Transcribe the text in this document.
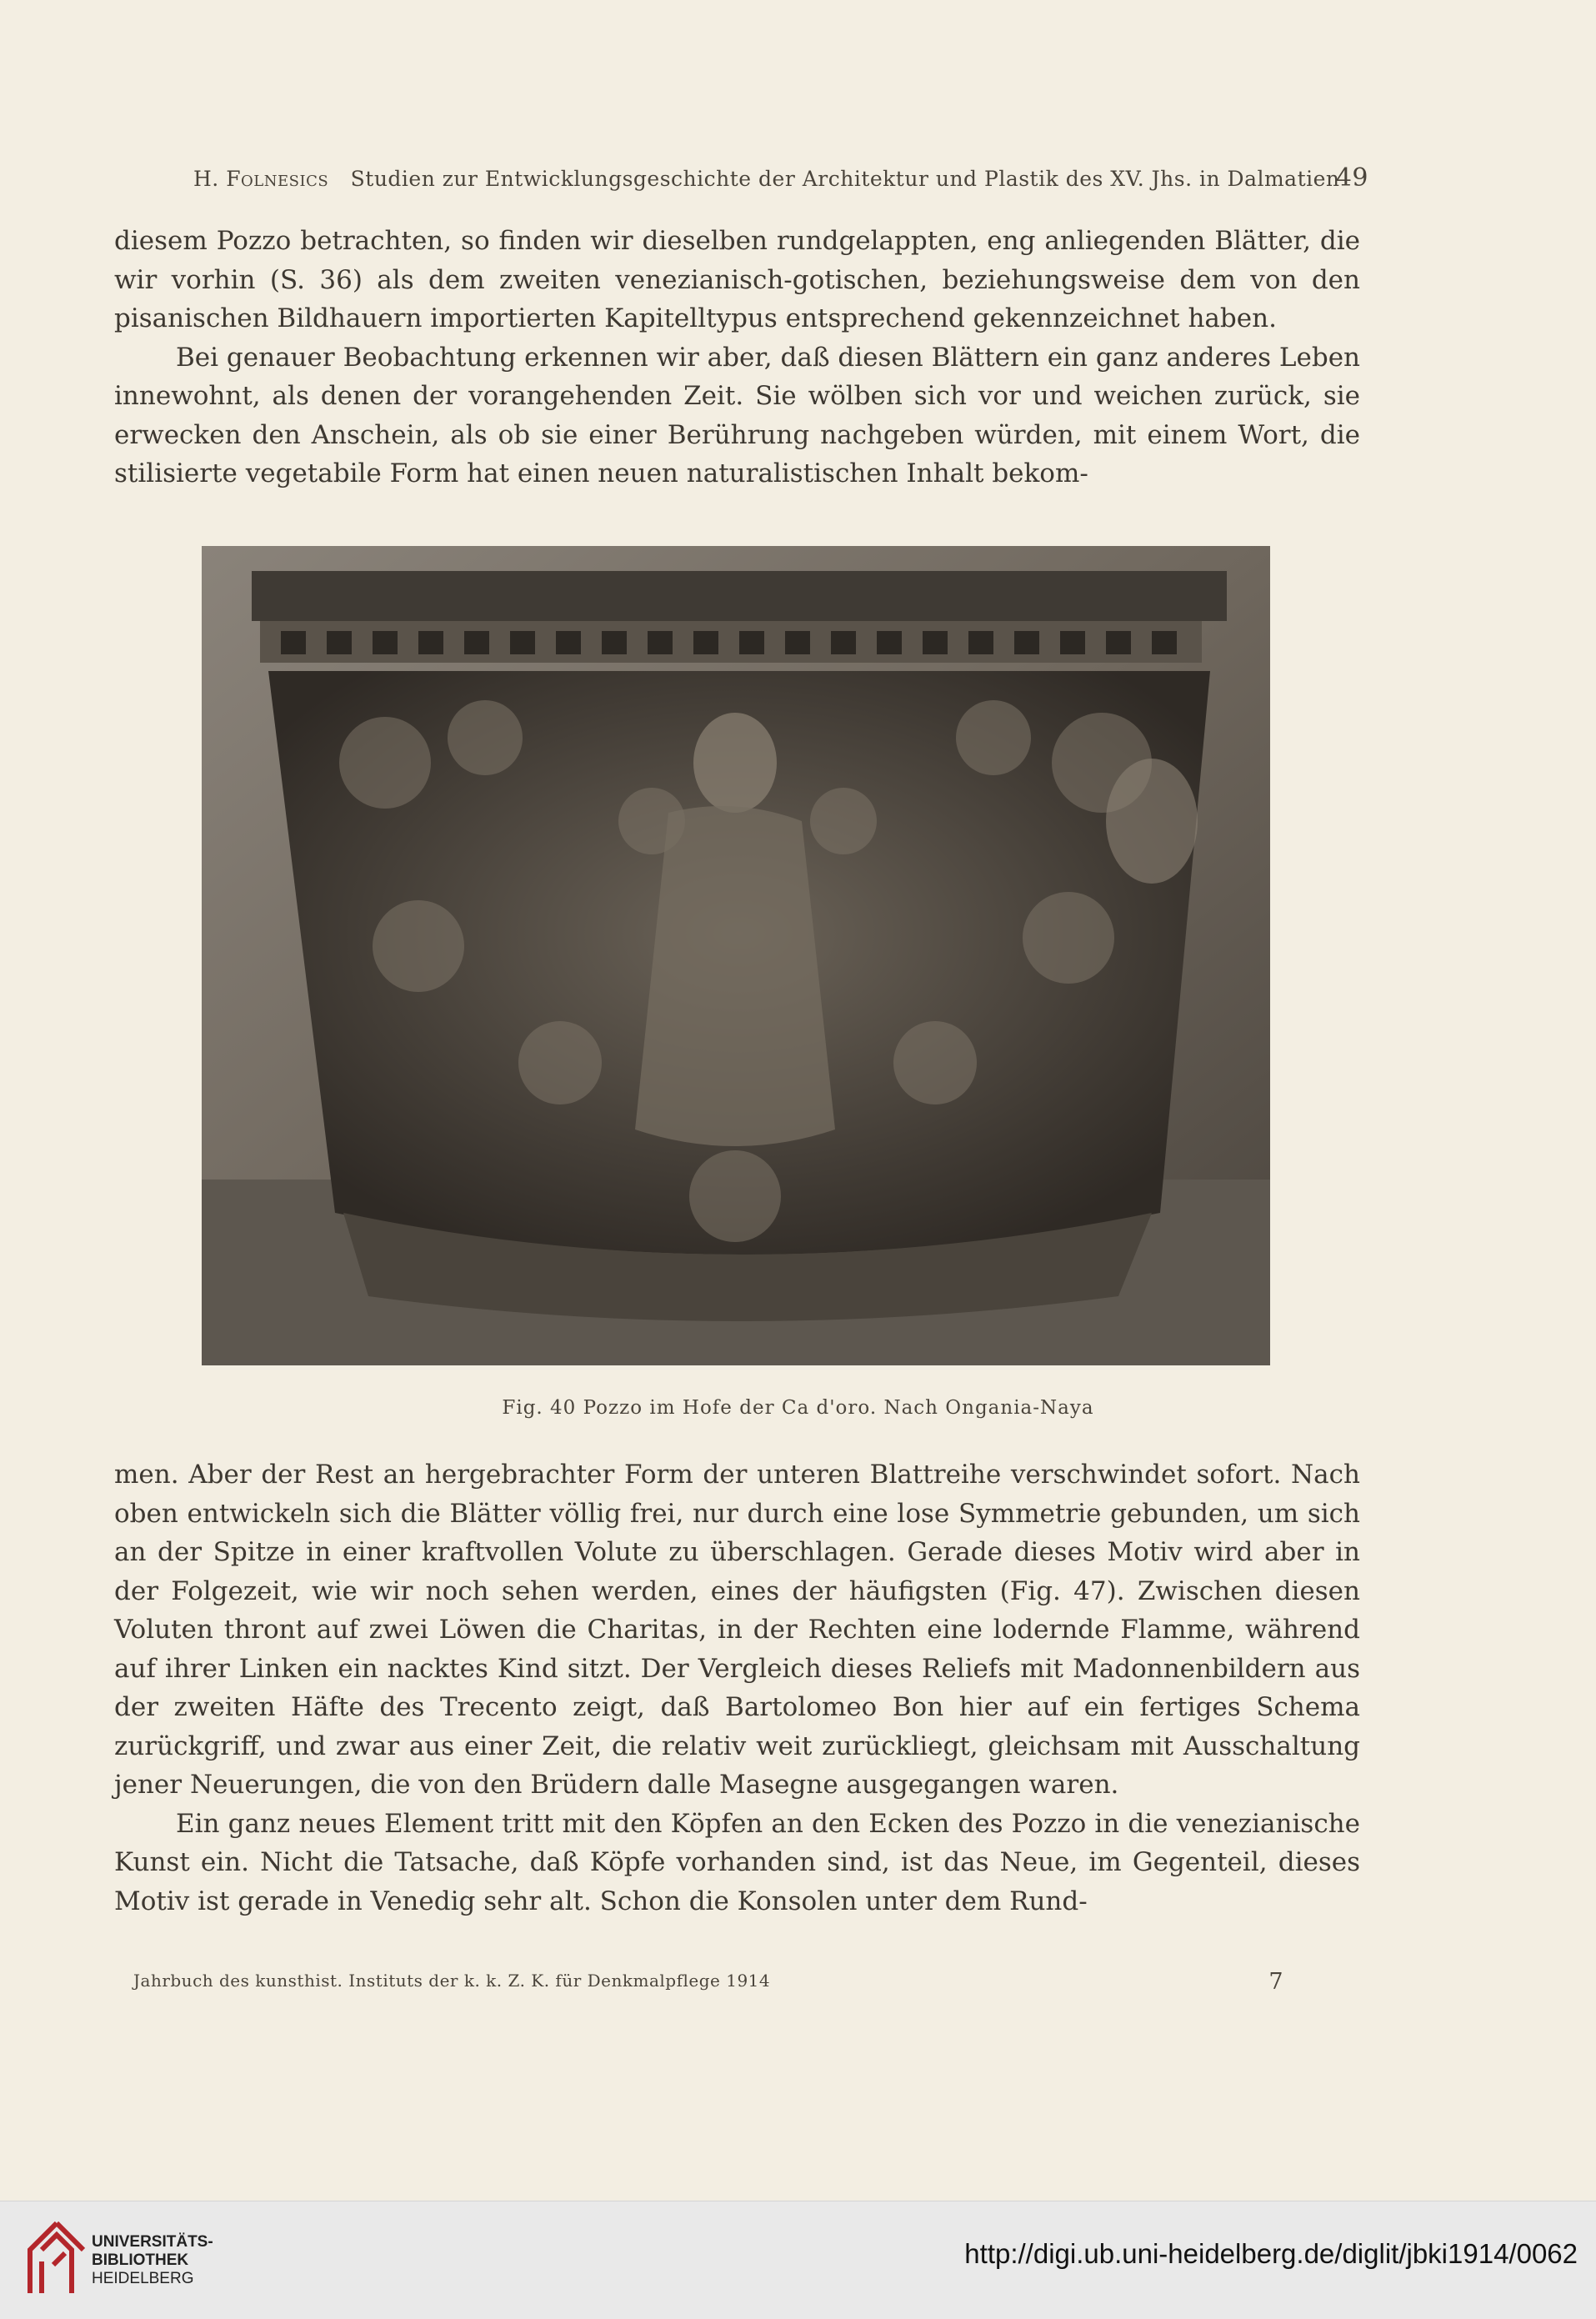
H. Folnesics Studien zur Entwicklungsgeschichte der Architektur und Plastik des XV. Jhs. in Dalmatien
49

diesem Pozzo betrachten, so finden wir dieselben rundgelappten, eng anliegenden Blätter, die wir vorhin (S. 36) als dem zweiten venezianisch-gotischen, beziehungsweise dem von den pisanischen Bildhauern importierten Kapitelltypus entsprechend gekennzeichnet haben.
Bei genauer Beobachtung erkennen wir aber, daß diesen Blättern ein ganz anderes Leben innewohnt, als denen der vorangehenden Zeit. Sie wölben sich vor und weichen zurück, sie erwecken den Anschein, als ob sie einer Berührung nachgeben würden, mit einem Wort, die stilisierte vegetabile Form hat einen neuen naturalistischen Inhalt bekom-

Fig. 40 Pozzo im Hofe der Ca d'oro. Nach Ongania-Naya

men. Aber der Rest an hergebrachter Form der unteren Blattreihe verschwindet sofort. Nach oben entwickeln sich die Blätter völlig frei, nur durch eine lose Symmetrie gebunden, um sich an der Spitze in einer kraftvollen Volute zu überschlagen. Gerade dieses Motiv wird aber in der Folgezeit, wie wir noch sehen werden, eines der häufigsten (Fig. 47). Zwischen diesen Voluten thront auf zwei Löwen die Charitas, in der Rechten eine lodernde Flamme, während auf ihrer Linken ein nacktes Kind sitzt. Der Vergleich dieses Reliefs mit Madonnenbildern aus der zweiten Häfte des Trecento zeigt, daß Bartolomeo Bon hier auf ein fertiges Schema zurückgriff, und zwar aus einer Zeit, die relativ weit zurückliegt, gleichsam mit Ausschaltung jener Neuerungen, die von den Brüdern dalle Masegne ausgegangen waren.
Ein ganz neues Element tritt mit den Köpfen an den Ecken des Pozzo in die venezianische Kunst ein. Nicht die Tatsache, daß Köpfe vorhanden sind, ist das Neue, im Gegenteil, dieses Motiv ist gerade in Venedig sehr alt. Schon die Konsolen unter dem Rund-

Jahrbuch des kunsthist. Instituts der k. k. Z. K. für Denkmalpflege 1914	7
UNIVERSITÄTS-
BIBLIOTHEK
HEIDELBERG
http://digi.ub.uni-heidelberg.de/diglit/jbki1914/0062
